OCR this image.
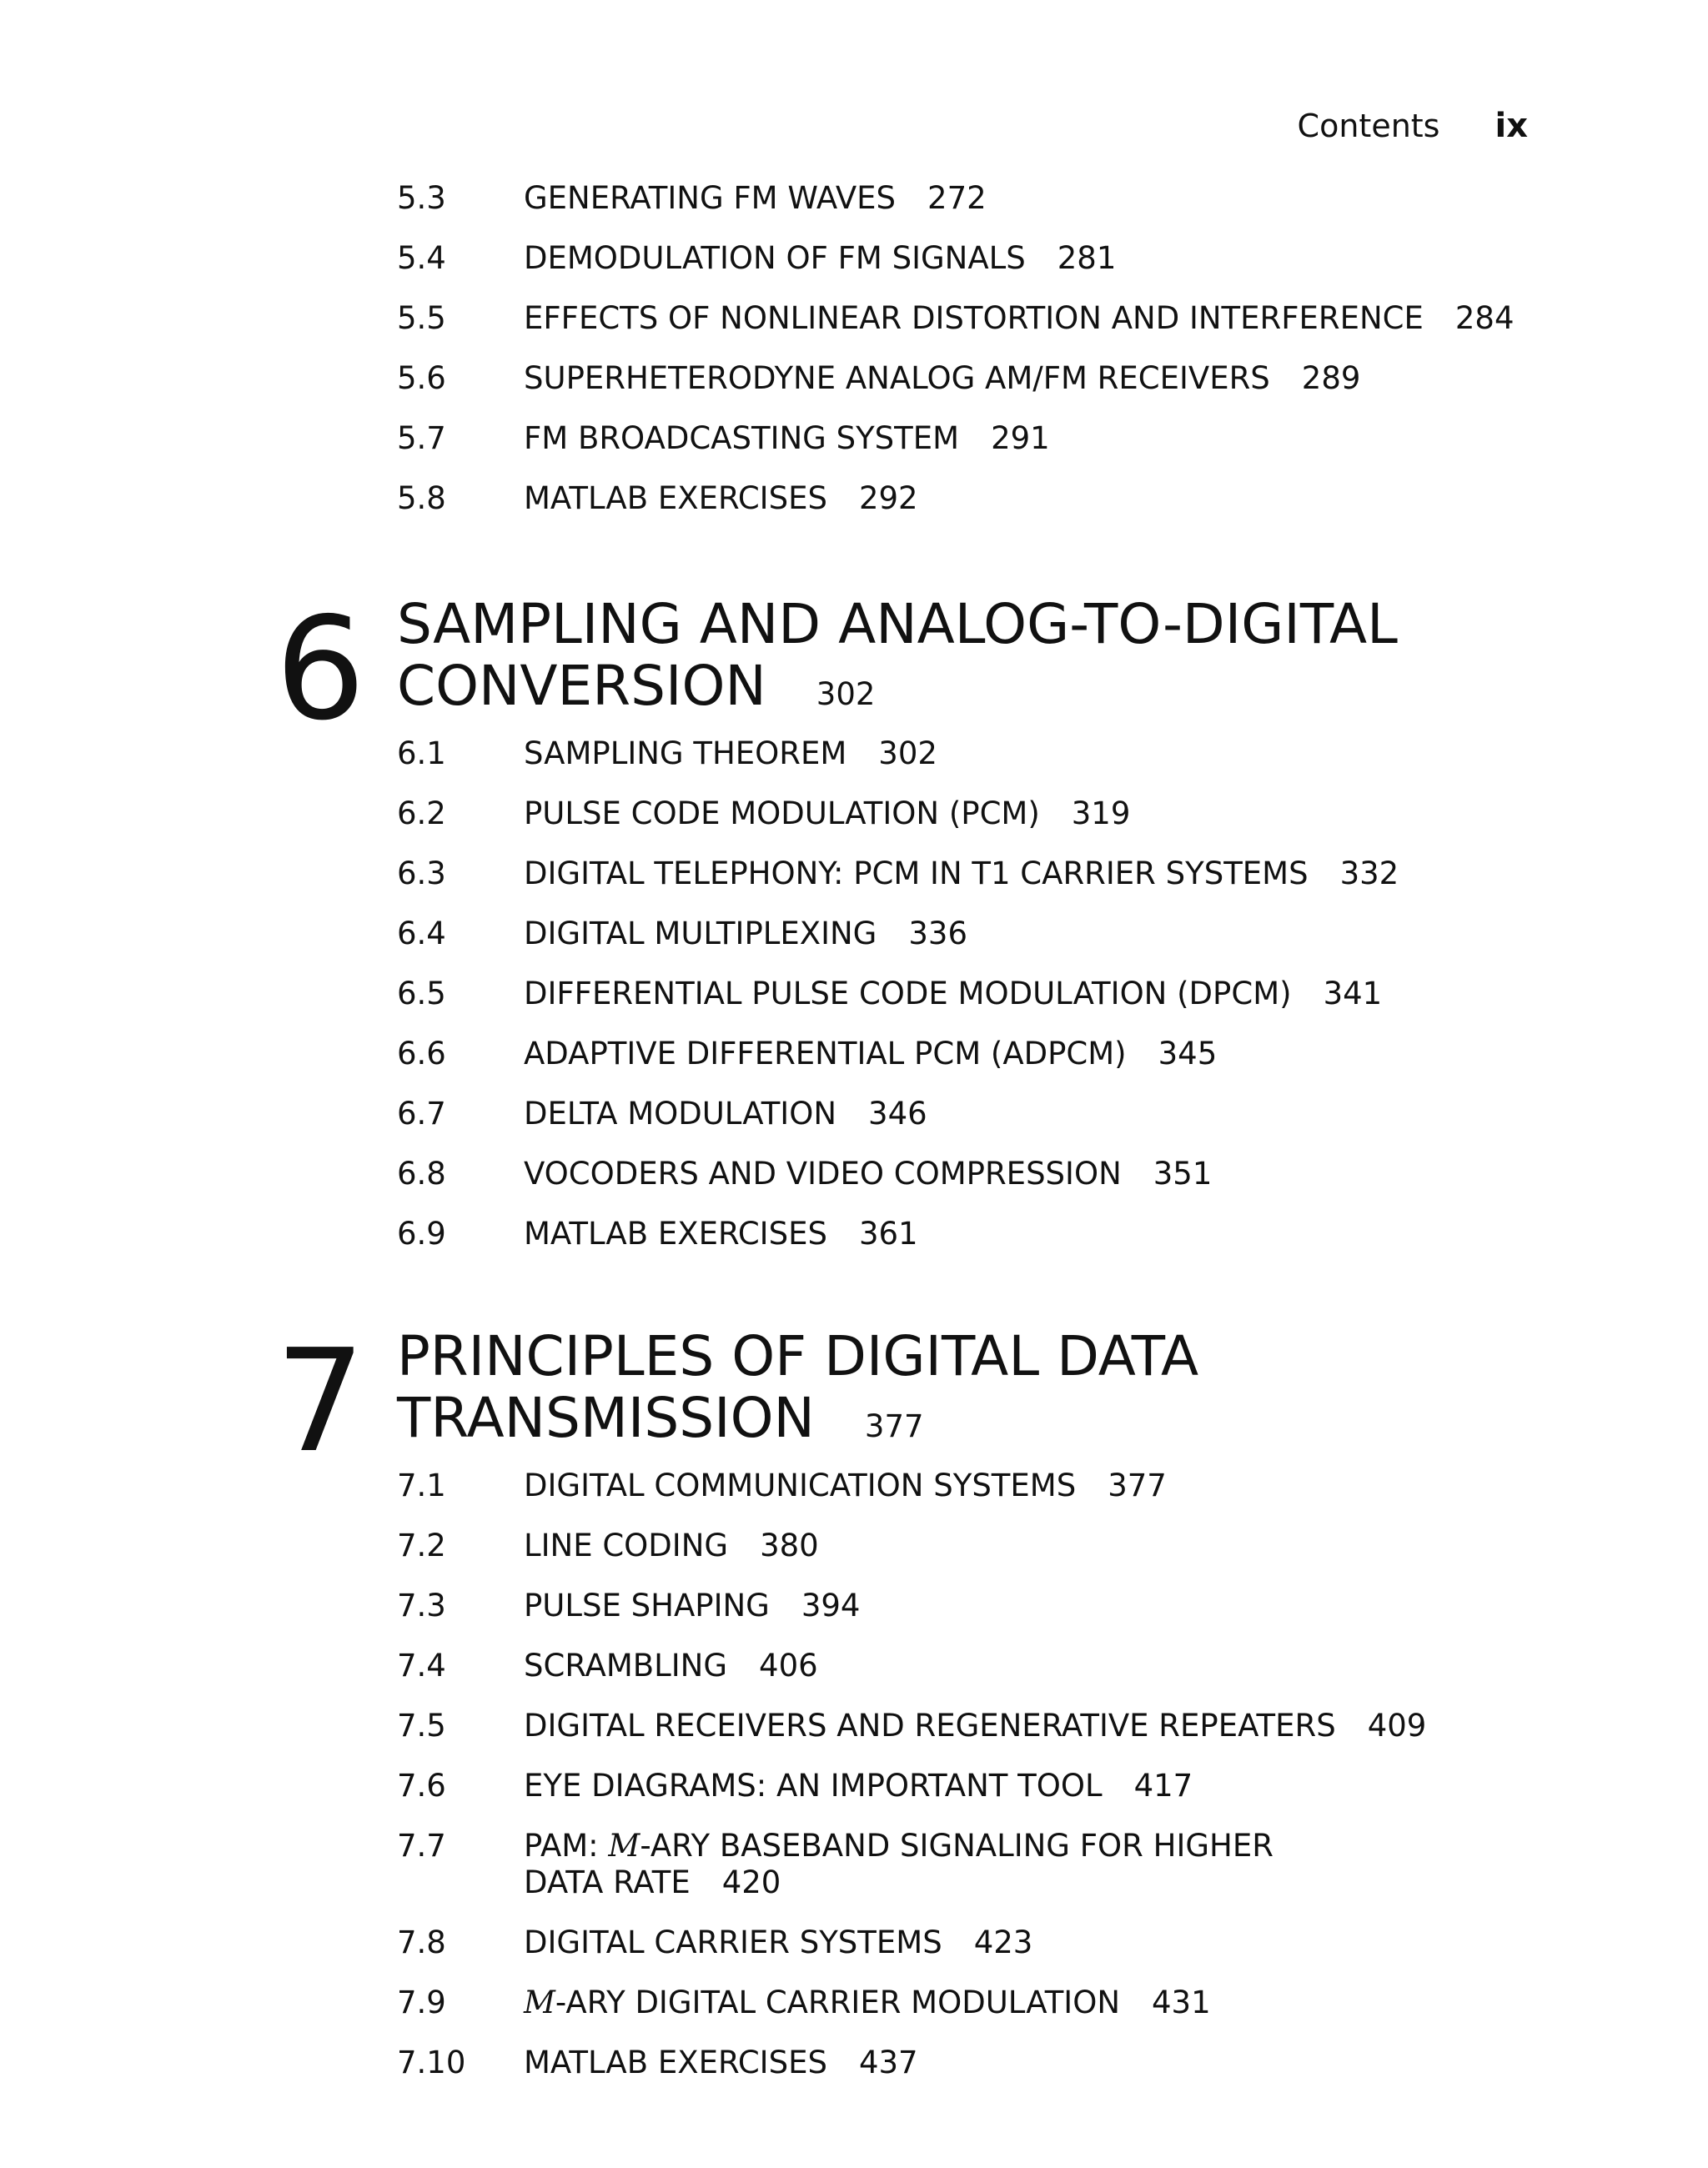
Contents ix
5.3	GENERATING FM WAVES 272
5.4	DEMODULATION OF FM SIGNALS 281
5.5	EFFECTS OF NONLINEAR DISTORTION AND INTERFERENCE 284
5.6	SUPERHETERODYNE ANALOG AM/FM RECEIVERS 289
5.7	FM BROADCASTING SYSTEM 291
5.8	MATLAB EXERCISES 292
6 SAMPLING AND ANALOG-TO-DIGITAL
CONVERSION 302
6.1	SAMPLING THEOREM 302
6.2	PULSE CODE MODULATION (PCM) 319
6.3	DIGITAL TELEPHONY: PCM IN T1 CARRIER SYSTEMS 332
6.4	DIGITAL MULTIPLEXING 336
6.5	DIFFERENTIAL PULSE CODE MODULATION (DPCM) 341
6.6	ADAPTIVE DIFFERENTIAL PCM (ADPCM) 345
6.7	DELTA MODULATION 346
6.8	VOCODERS AND VIDEO COMPRESSION 351
6.9	MATLAB EXERCISES 361
7 PRINCIPLES OF DIGITAL DATA
TRANSMISSION 377
7.1	DIGITAL COMMUNICATION SYSTEMS 377
7.2	LINE CODING 380
7.3	PULSE SHAPING 394
7.4	SCRAMBLING 406
7.5	DIGITAL RECEIVERS AND REGENERATIVE REPEATERS 409
7.6	EYE DIAGRAMS: AN IMPORTANT TOOL 417
7.7	PAM: M-ARY BASEBAND SIGNALING FOR HIGHER
DATA RATE 420
7.8	DIGITAL CARRIER SYSTEMS 423
7.9	M-ARY DIGITAL CARRIER MODULATION 431
7.10 MATLAB EXERCISES 437
